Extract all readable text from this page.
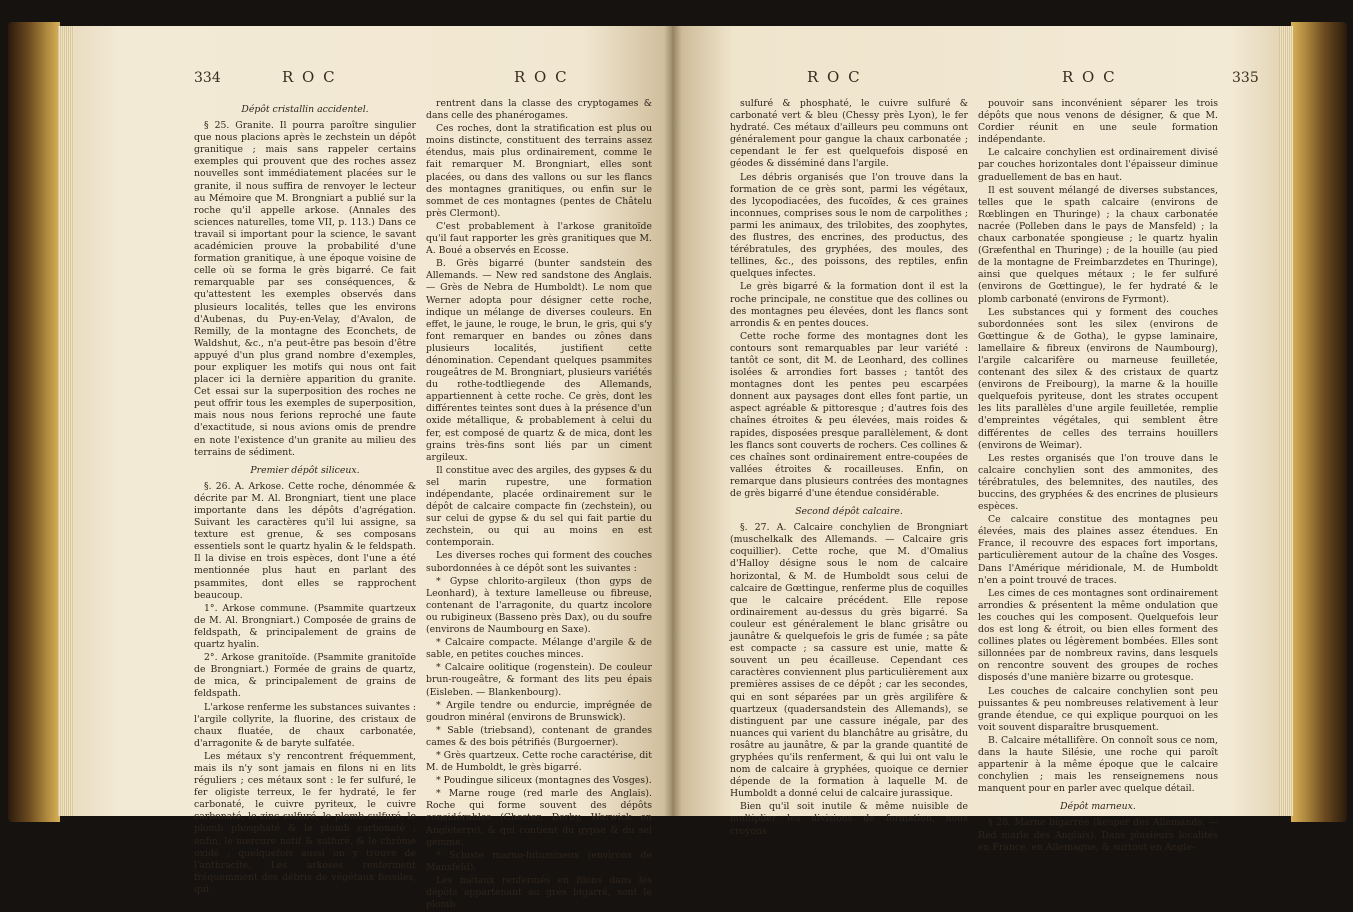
334	R O C	R O C

Dépôt cristallin accidentel.

§ 25. Granite. Il pourra paroître singulier que nous placions après le zechstein un dépôt granitique ; mais sans rappeler certains exemples qui prouvent que des roches assez nouvelles sont immédiatement placées sur le granite, il nous suffira de renvoyer le lecteur au Mémoire que M. Brongniart a publié sur la roche qu'il appelle arkose. (Annales des sciences naturelles, tome VII, p. 113.) Dans ce travail si important pour la science, le savant académicien prouve la probabilité d'une formation granitique, à une époque voisine de celle où se forma le grès bigarré. Ce fait remarquable par ses conséquences, & qu'attestent les exemples observés dans plusieurs localités, telles que les environs d'Aubenas, du Puy-en-Velay, d'Avalon, de Remilly, de la montagne des Econchets, de Waldshut, &c., n'a peut-être pas besoin d'être appuyé d'un plus grand nombre d'exemples, pour expliquer les motifs qui nous ont fait placer ici la dernière apparition du granite. Cet essai sur la superposition des roches ne peut offrir tous les exemples de superposition, mais nous nous ferions reproché une faute d'exactitude, si nous avions omis de prendre en note l'existence d'un granite au milieu des terrains de sédiment.

Premier dépôt siliceux.

§. 26. A. Arkose. Cette roche, dénommée & décrite par M. Al. Brongniart, tient une place importante dans les dépôts d'agrégation. Suivant les caractères qu'il lui assigne, sa texture est grenue, & ses composans essentiels sont le quartz hyalin & le feldspath. Il la divise en trois espèces, dont l'une a été mentionnée plus haut en parlant des psammites, dont elles se rapprochent beaucoup.

1°. Arkose commune. (Psammite quartzeux de M. Al. Brongniart.) Composée de grains de feldspath, & principalement de grains de quartz hyalin.

2°. Arkose granitoïde. (Psammite granitoïde de Brongniart.) Formée de grains de quartz, de mica, & principalement de grains de feldspath.

L'arkose renferme les substances suivantes : l'argile collyrite, la fluorine, des cristaux de chaux fluatée, de chaux carbonatée, d'arragonite & de baryte sulfatée.

Les métaux s'y rencontrent fréquemment, mais ils n'y sont jamais en filons ni en lits réguliers ; ces métaux sont : le fer sulfuré, le fer oligiste terreux, le fer hydraté, le fer carbonaté, le cuivre pyriteux, le cuivre carbonaté, le zinc sulfuré, le plomb sulfuré, le plomb phosphaté & le plomb carbonaté ; enfin, le mercure natif & sulfuré, & le chrôme oxidé ; quelquefois aussi on y trouve de l'anthracite. Les arkoses renferment fréquemment des débris de végétaux fossiles, qui

rentrent dans la classe des cryptogames & dans celle des phanérogames.

Ces roches, dont la stratification est plus ou moins distincte, constituent des terrains assez étendus, mais plus ordinairement, comme le fait remarquer M. Brongniart, elles sont placées, ou dans des vallons ou sur les flancs des montagnes granitiques, ou enfin sur le sommet de ces montagnes (pentes de Châtelu près Clermont).

C'est probablement à l'arkose granitoïde qu'il faut rapporter les grès granitiques que M. A. Boué a observés en Ecosse.

B. Grès bigarré (bunter sandstein des Allemands. — New red sandstone des Anglais. — Grès de Nebra de Humboldt). Le nom que Werner adopta pour désigner cette roche, indique un mélange de diverses couleurs. En effet, le jaune, le rouge, le brun, le gris, qui s'y font remarquer en bandes ou zônes dans plusieurs localités, justifient cette dénomination. Cependant quelques psammites rougeâtres de M. Brongniart, plusieurs variétés du rothe-todtliegende des Allemands, appartiennent à cette roche. Ce grès, dont les différentes teintes sont dues à la présence d'un oxide métallique, & probablement à celui du fer, est composé de quartz & de mica, dont les grains très-fins sont liés par un ciment argileux.

Il constitue avec des argiles, des gypses & du sel marin rupestre, une formation indépendante, placée ordinairement sur le dépôt de calcaire compacte fin (zechstein), ou sur celui de gypse & du sel qui fait partie du zechstein, ou qui au moins en est contemporain.

Les diverses roches qui forment des couches subordonnées à ce dépôt sont les suivantes :

* Gypse chlorito-argileux (thon gyps de Leonhard), à texture lamelleuse ou fibreuse, contenant de l'arragonite, du quartz incolore ou rubigineux (Basseno près Dax), ou du soufre (environs de Naumbourg en Saxe).

* Calcaire compacte. Mélange d'argile & de sable, en petites couches minces.

* Calcaire oolitique (rogenstein). De couleur brun-rougeâtre, & formant des lits peu épais (Eisleben. — Blankenbourg).

* Argile tendre ou endurcie, imprégnée de goudron minéral (environs de Brunswick).

* Sable (triebsand), contenant de grandes cames & des bois pétrifiés (Burgoerner).

* Grès quartzeux. Cette roche caractérise, dit M. de Humboldt, le grès bigarré.

* Poudingue siliceux (montagnes des Vosges).

* Marne rouge (red marle des Anglais). Roche qui forme souvent des dépôts considérables (Chester, Derby, Warwick en Angleterre), & qui contient du gypse & du sel gemme.

* Schiste marno-bitumineux (environs de Mansfeld).

Les métaux renfermés en filons dans les dépôts appartenant au grès bigarré, sont le plomb

R O C	R O C	335

sulfuré & phosphaté, le cuivre sulfuré & carbonaté vert & bleu (Chessy près Lyon), le fer hydraté. Ces métaux d'ailleurs peu communs ont généralement pour gangue la chaux carbonatée ; cependant le fer est quelquefois disposé en géodes & disséminé dans l'argile.

Les débris organisés que l'on trouve dans la formation de ce grès sont, parmi les végétaux, des lycopodiacées, des fucoïdes, & ces graines inconnues, comprises sous le nom de carpolithes ; parmi les animaux, des trilobites, des zoophytes, des flustres, des encrines, des productus, des térébratules, des gryphées, des moules, des tellines, &c., des poissons, des reptiles, enfin quelques infectes.

Le grès bigarré & la formation dont il est la roche principale, ne constitue que des collines ou des montagnes peu élevées, dont les flancs sont arrondis & en pentes douces.

Cette roche forme des montagnes dont les contours sont remarquables par leur variété : tantôt ce sont, dit M. de Leonhard, des collines isolées & arrondies fort basses ; tantôt des montagnes dont les pentes peu escarpées donnent aux paysages dont elles font partie, un aspect agréable & pittoresque ; d'autres fois des chaînes étroites & peu élevées, mais roides & rapides, disposées presque parallèlement, & dont les flancs sont couverts de rochers. Ces collines & ces chaînes sont ordinairement entre-coupées de vallées étroites & rocailleuses. Enfin, on remarque dans plusieurs contrées des montagnes de grès bigarré d'une étendue considérable.

Second dépôt calcaire.

§. 27. A. Calcaire conchylien de Brongniart (muschelkalk des Allemands. — Calcaire gris coquillier). Cette roche, que M. d'Omalius d'Halloy désigne sous le nom de calcaire horizontal, & M. de Humboldt sous celui de calcaire de Gœttingue, renferme plus de coquilles que le calcaire précédent. Elle repose ordinairement au-dessus du grès bigarré. Sa couleur est généralement le blanc grisâtre ou jaunâtre & quelquefois le gris de fumée ; sa pâte est compacte ; sa cassure est unie, matte & souvent un peu écailleuse. Cependant ces caractères conviennent plus particulièrement aux premières assises de ce dépôt ; car les secondes, qui en sont séparées par un grès argilifère & quartzeux (quadersandstein des Allemands), se distinguent par une cassure inégale, par des nuances qui varient du blanchâtre au grisâtre, du rosâtre au jaunâtre, & par la grande quantité de gryphées qu'ils renferment, & qui lui ont valu le nom de calcaire à gryphées, quoique ce dernier dépende de la formation à laquelle M. de Humboldt a donné celui de calcaire jurassique.

Bien qu'il soit inutile & même nuisible de multiplier les divisions de formation, nous croyons

pouvoir sans inconvénient séparer les trois dépôts que nous venons de désigner, & que M. Cordier réunit en une seule formation indépendante.

Le calcaire conchylien est ordinairement divisé par couches horizontales dont l'épaisseur diminue graduellement de bas en haut.

Il est souvent mélangé de diverses substances, telles que le spath calcaire (environs de Rœblingen en Thuringe) ; la chaux carbonatée nacrée (Polleben dans le pays de Mansfeld) ; la chaux carbonatée spongieuse ; le quartz hyalin (Græfenthal en Thuringe) ; de la houille (au pied de la montagne de Freimbarzdetes en Thuringe), ainsi que quelques métaux ; le fer sulfuré (environs de Gœttingue), le fer hydraté & le plomb carbonaté (environs de Fyrmont).

Les substances qui y forment des couches subordonnées sont les silex (environs de Gœttingue & de Gotha), le gypse laminaire, lamellaire & fibreux (environs de Naumbourg), l'argile calcarifère ou marneuse feuilletée, contenant des silex & des cristaux de quartz (environs de Freibourg), la marne & la houille quelquefois pyriteuse, dont les strates occupent les lits parallèles d'une argile feuilletée, remplie d'empreintes végétales, qui semblent être différentes de celles des terrains houillers (environs de Weimar).

Les restes organisés que l'on trouve dans le calcaire conchylien sont des ammonites, des térébratules, des belemnites, des nautiles, des buccins, des gryphées & des encrines de plusieurs espèces.

Ce calcaire constitue des montagnes peu élevées, mais des plaines assez étendues. En France, il recouvre des espaces fort importans, particulièrement autour de la chaîne des Vosges. Dans l'Amérique méridionale, M. de Humboldt n'en a point trouvé de traces.

Les cimes de ces montagnes sont ordinairement arrondies & présentent la même ondulation que les couches qui les composent. Quelquefois leur dos est long & étroit, ou bien elles forment des collines plates ou légèrement bombées. Elles sont sillonnées par de nombreux ravins, dans lesquels on rencontre souvent des groupes de roches disposés d'une manière bizarre ou grotesque.

Les couches de calcaire conchylien sont peu puissantes & peu nombreuses relativement à leur grande étendue, ce qui explique pourquoi on les voit souvent disparaître brusquement.

B. Calcaire métallifère. On connoît sous ce nom, dans la haute Silésie, une roche qui paroît appartenir à la même époque que le calcaire conchylien ; mais les renseignemens nous manquent pour en parler avec quelque détail.

Dépôt marneux.

§ 28. Marne bigarrée (keuper des Allemands. — Red marle des Anglais). Dans plusieurs localités en France, en Allemagne, & surtout en Angle-
